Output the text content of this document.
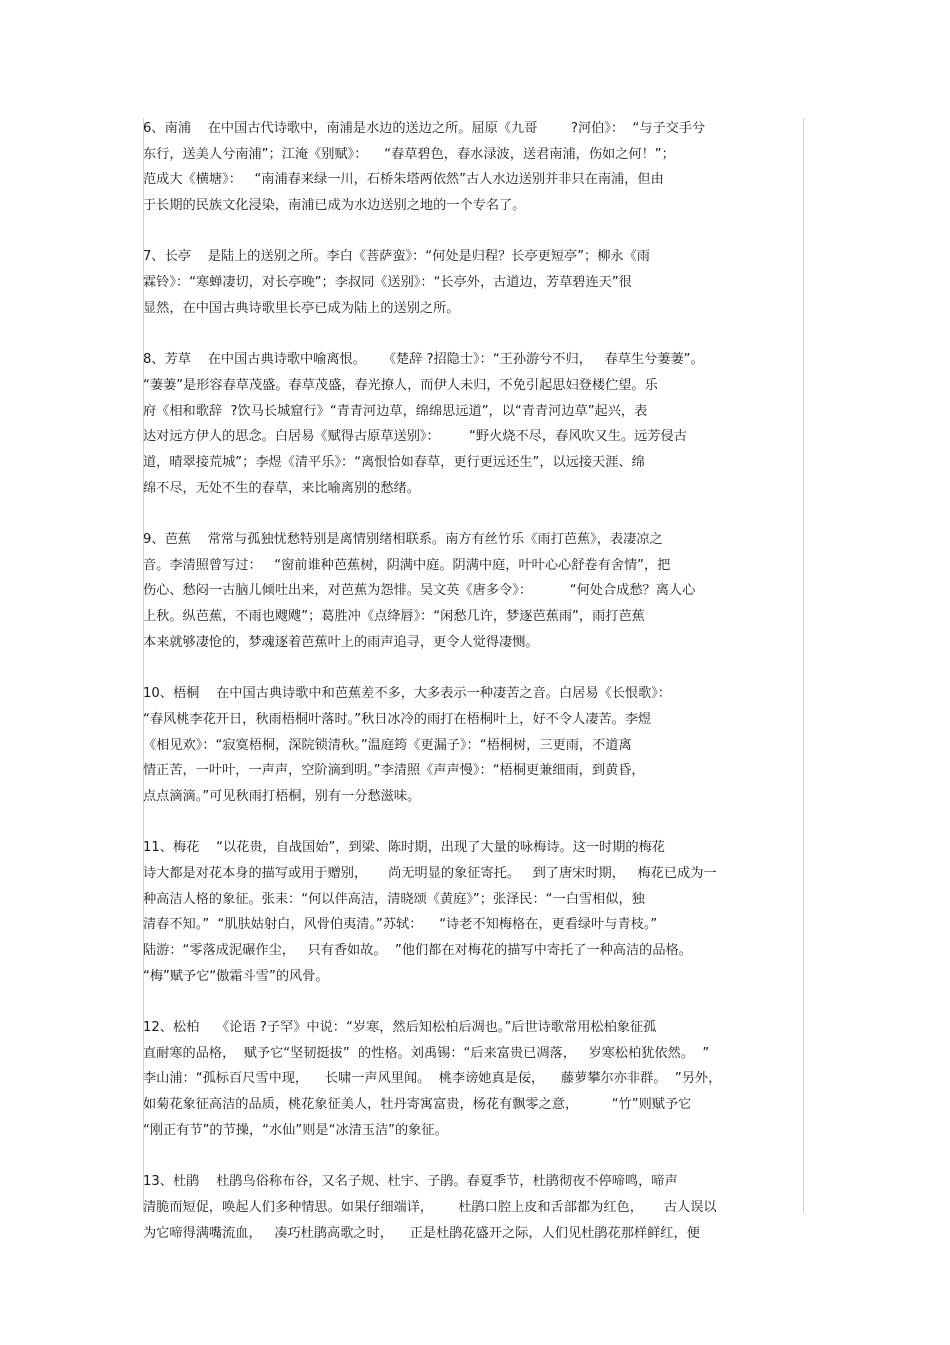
6、南浦    在中国古代诗歌中，南浦是水边的送边之所。屈原《九哥        ?河伯》：  “与子交手兮
东行，送美人兮南浦”；江淹《别赋》：    “春草碧色，春水渌波，送君南浦，伤如之何！”；
范成大《横塘》：   “南浦春来绿一川，石桥朱塔两依然”古人水边送别并非只在南浦，但由
于长期的民族文化浸染，南浦已成为水边送别之地的一个专名了。
7、长亭    是陆上的送别之所。李白《菩萨蛮》：“何处是归程？长亭更短亭”；柳永《雨
霖铃》：“寒蝉凄切，对长亭晚”；李叔同《送别》：“长亭外，古道边，芳草碧连天”很
显然，在中国古典诗歌里长亭已成为陆上的送别之所。
8、芳草    在中国古典诗歌中喻离恨。    《楚辞 ?招隐士》：“王孙游兮不归，   春草生兮萋萋”。
“萋萋”是形容春草茂盛。春草茂盛，春光撩人，而伊人未归，不免引起思妇登楼伫望。乐
府《相和歌辞  ?饮马长城窟行》“青青河边草，绵绵思远道”，以“青青河边草”起兴，表
达对远方伊人的思念。白居易《赋得古原草送别》：       “野火烧不尽，春风吹又生。远芳侵古
道，晴翠接荒城”；李煜《清平乐》：“离恨恰如春草，更行更远还生”，以远接天涯、绵
绵不尽，无处不生的春草，来比喻离别的愁绪。
9、芭蕉    常常与孤独忧愁特别是离情别绪相联系。南方有丝竹乐《雨打芭蕉》，表凄凉之
音。李清照曾写过：   “窗前谁种芭蕉树，阴满中庭。阴满中庭，叶叶心心舒卷有舍情”，把
伤心、愁闷一古脑儿倾吐出来，对芭蕉为怨悱。吴文英《唐多令》：         “何处合成愁？离人心
上秋。纵芭蕉，不雨也飕飕”；葛胜冲《点绛唇》：“闲愁几许，梦逐芭蕉雨”，雨打芭蕉
本来就够凄怆的，梦魂逐着芭蕉叶上的雨声追寻，更令人觉得凄恻。
10、梧桐    在中国古典诗歌中和芭蕉差不多，大多表示一种凄苦之音。白居易《长恨歌》：
“春风桃李花开日，秋雨梧桐叶落时。”秋日冰冷的雨打在梧桐叶上，好不令人凄苦。李煜
《相见欢》：“寂寞梧桐，深院锁清秋。”温庭筠《更漏子》：“梧桐树，三更雨，不道离
情正苦，一叶叶，一声声，空阶滴到明。”李清照《声声慢》：“梧桐更兼细雨，到黄昏，
点点滴滴。”可见秋雨打梧桐，别有一分愁滋味。
11、梅花    “以花贵，自战国始”，到梁、陈时期，出现了大量的咏梅诗。这一时期的梅花
诗大都是对花本身的描写或用于赠别，     尚无明显的象征寄托。   到了唐宋时期，   梅花已成为一
种高洁人格的象征。张耒：“何以伴高洁，清晓颂《黄庭》”；张泽民：“一白雪相似，独
清春不知。”  “肌肤姑射白，风骨伯夷清。”苏轼：    “诗老不知梅格在，更看绿叶与青枝。”
陆游：“零落成泥碾作尘，   只有香如故。  ”他们都在对梅花的描写中寄托了一种高洁的品格。
“梅”赋予它“傲霜斗雪”的风骨。
12、松柏    《论语 ?子罕》中说：“岁寒，然后知松柏后凋也。”后世诗歌常用松柏象征孤
直耐寒的品格，  赋予它“坚韧挺拔”  的性格。刘禹锡：“后来富贵已凋落，   岁寒松柏犹依然。  ”
李山浦：“孤标百尺雪中现，    长啸一声风里闻。  桃李谤她真是佞，    藤萝攀尔亦非群。  ”另外，
如菊花象征高洁的品质，桃花象征美人，牡丹寄寓富贵，杨花有飘零之意，        “竹”则赋予它
“刚正有节”的节操，“水仙”则是“冰清玉洁”的象征。
13、杜鹃    杜鹃鸟俗称布谷，又名子规、杜宇、子鹃。春夏季节，杜鹃彻夜不停啼鸣，啼声
清脆而短促，唤起人们多种情思。如果仔细端详，      杜鹃口腔上皮和舌部都为红色，     古人误以
为它啼得满嘴流血，   凑巧杜鹃高歌之时，    正是杜鹃花盛开之际，人们见杜鹃花那样鲜红，便
